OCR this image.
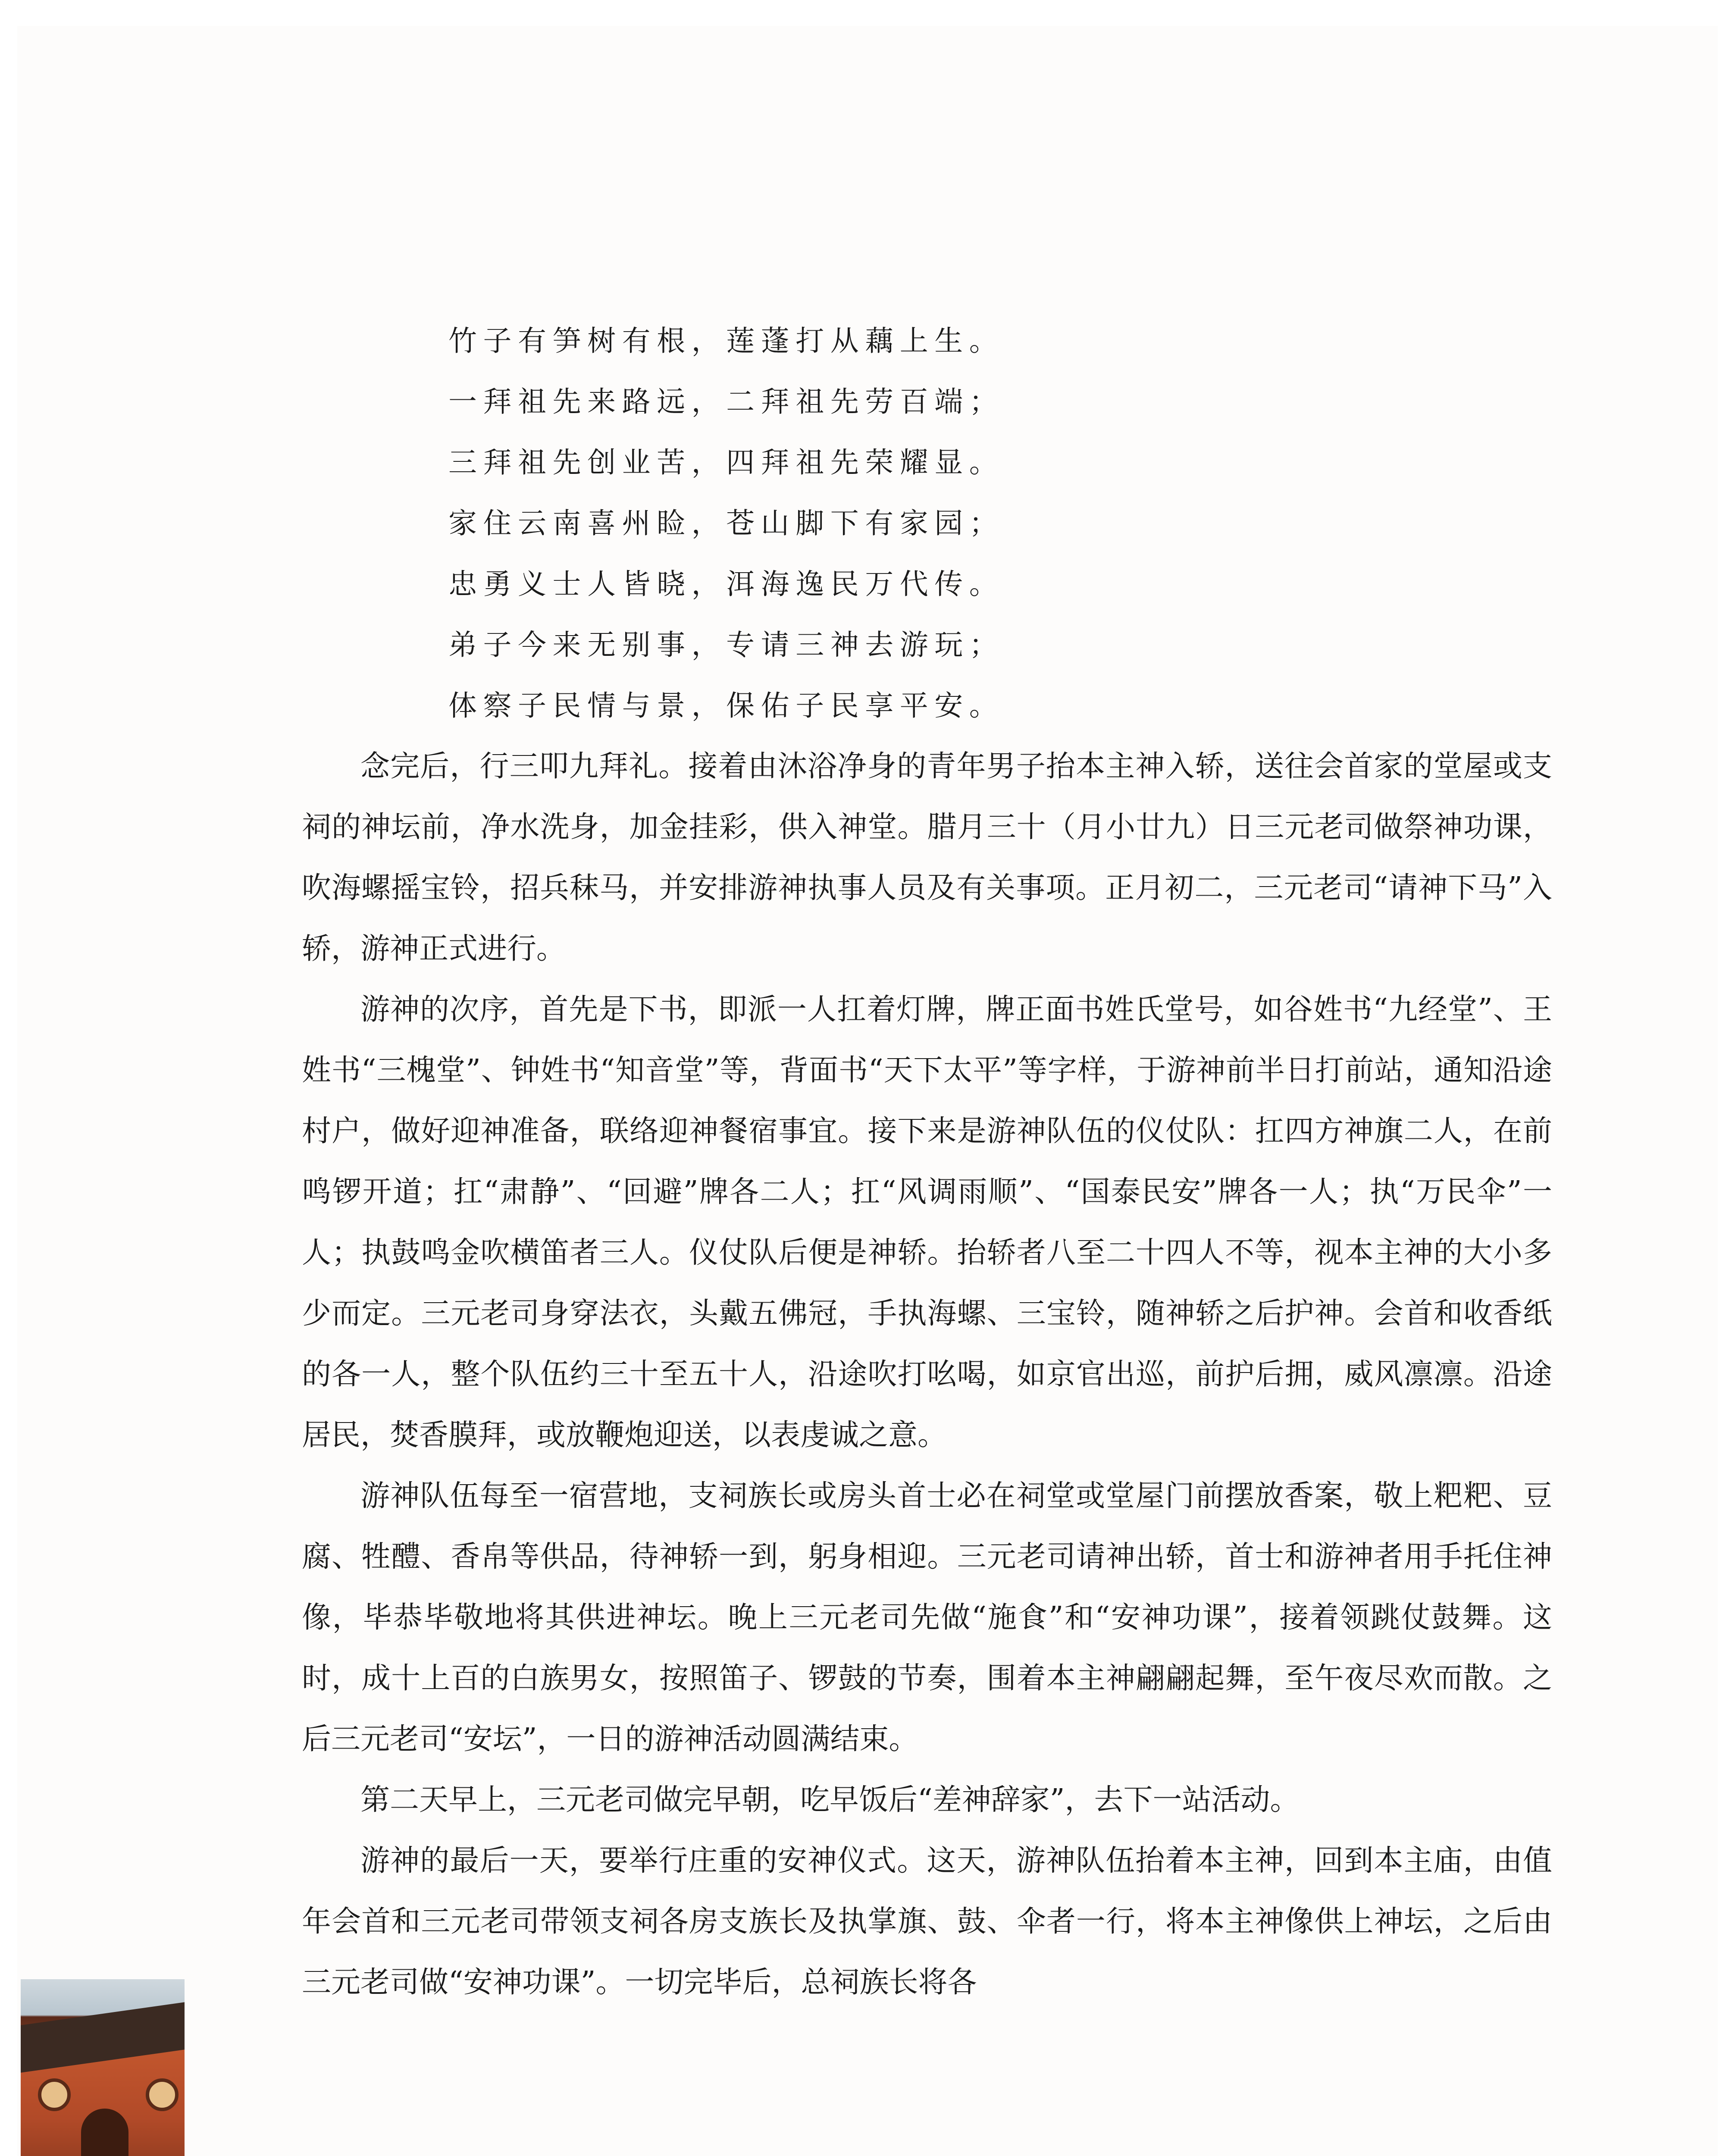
竹子有笋树有根，莲蓬打从藕上生。
一拜祖先来路远，二拜祖先劳百端；
三拜祖先创业苦，四拜祖先荣耀显。
家住云南喜州睑，苍山脚下有家园；
忠勇义士人皆晓，洱海逸民万代传。
弟子今来无别事，专请三神去游玩；
体察子民情与景，保佑子民享平安。

念完后，行三叩九拜礼。接着由沐浴净身的青年男子抬本主神入轿，送往会首家的堂屋或支祠的神坛前，净水洗身，加金挂彩，供入神堂。腊月三十（月小廿九）日三元老司做祭神功课，吹海螺摇宝铃，招兵秣马，并安排游神执事人员及有关事项。正月初二，三元老司“请神下马”入轿，游神正式进行。

游神的次序，首先是下书，即派一人扛着灯牌，牌正面书姓氏堂号，如谷姓书“九经堂”、王姓书“三槐堂”、钟姓书“知音堂”等，背面书“天下太平”等字样，于游神前半日打前站，通知沿途村户，做好迎神准备，联络迎神餐宿事宜。接下来是游神队伍的仪仗队：扛四方神旗二人，在前鸣锣开道；扛“肃静”、“回避”牌各二人；扛“风调雨顺”、“国泰民安”牌各一人；执“万民伞”一人；执鼓鸣金吹横笛者三人。仪仗队后便是神轿。抬轿者八至二十四人不等，视本主神的大小多少而定。三元老司身穿法衣，头戴五佛冠，手执海螺、三宝铃，随神轿之后护神。会首和收香纸的各一人，整个队伍约三十至五十人，沿途吹打吆喝，如京官出巡，前护后拥，威风凛凛。沿途居民，焚香膜拜，或放鞭炮迎送，以表虔诚之意。

游神队伍每至一宿营地，支祠族长或房头首士必在祠堂或堂屋门前摆放香案，敬上粑粑、豆腐、牲醴、香帛等供品，待神轿一到，躬身相迎。三元老司请神出轿，首士和游神者用手托住神像，毕恭毕敬地将其供进神坛。晚上三元老司先做“施食”和“安神功课”，接着领跳仗鼓舞。这时，成十上百的白族男女，按照笛子、锣鼓的节奏，围着本主神翩翩起舞，至午夜尽欢而散。之后三元老司“安坛”，一日的游神活动圆满结束。

第二天早上，三元老司做完早朝，吃早饭后“差神辞家”，去下一站活动。

游神的最后一天，要举行庄重的安神仪式。这天，游神队伍抬着本主神，回到本主庙，由值年会首和三元老司带领支祠各房支族长及执掌旗、鼓、伞者一行，将本主神像供上神坛，之后由三元老司做“安神功课”。一切完毕后，总祠族长将各
